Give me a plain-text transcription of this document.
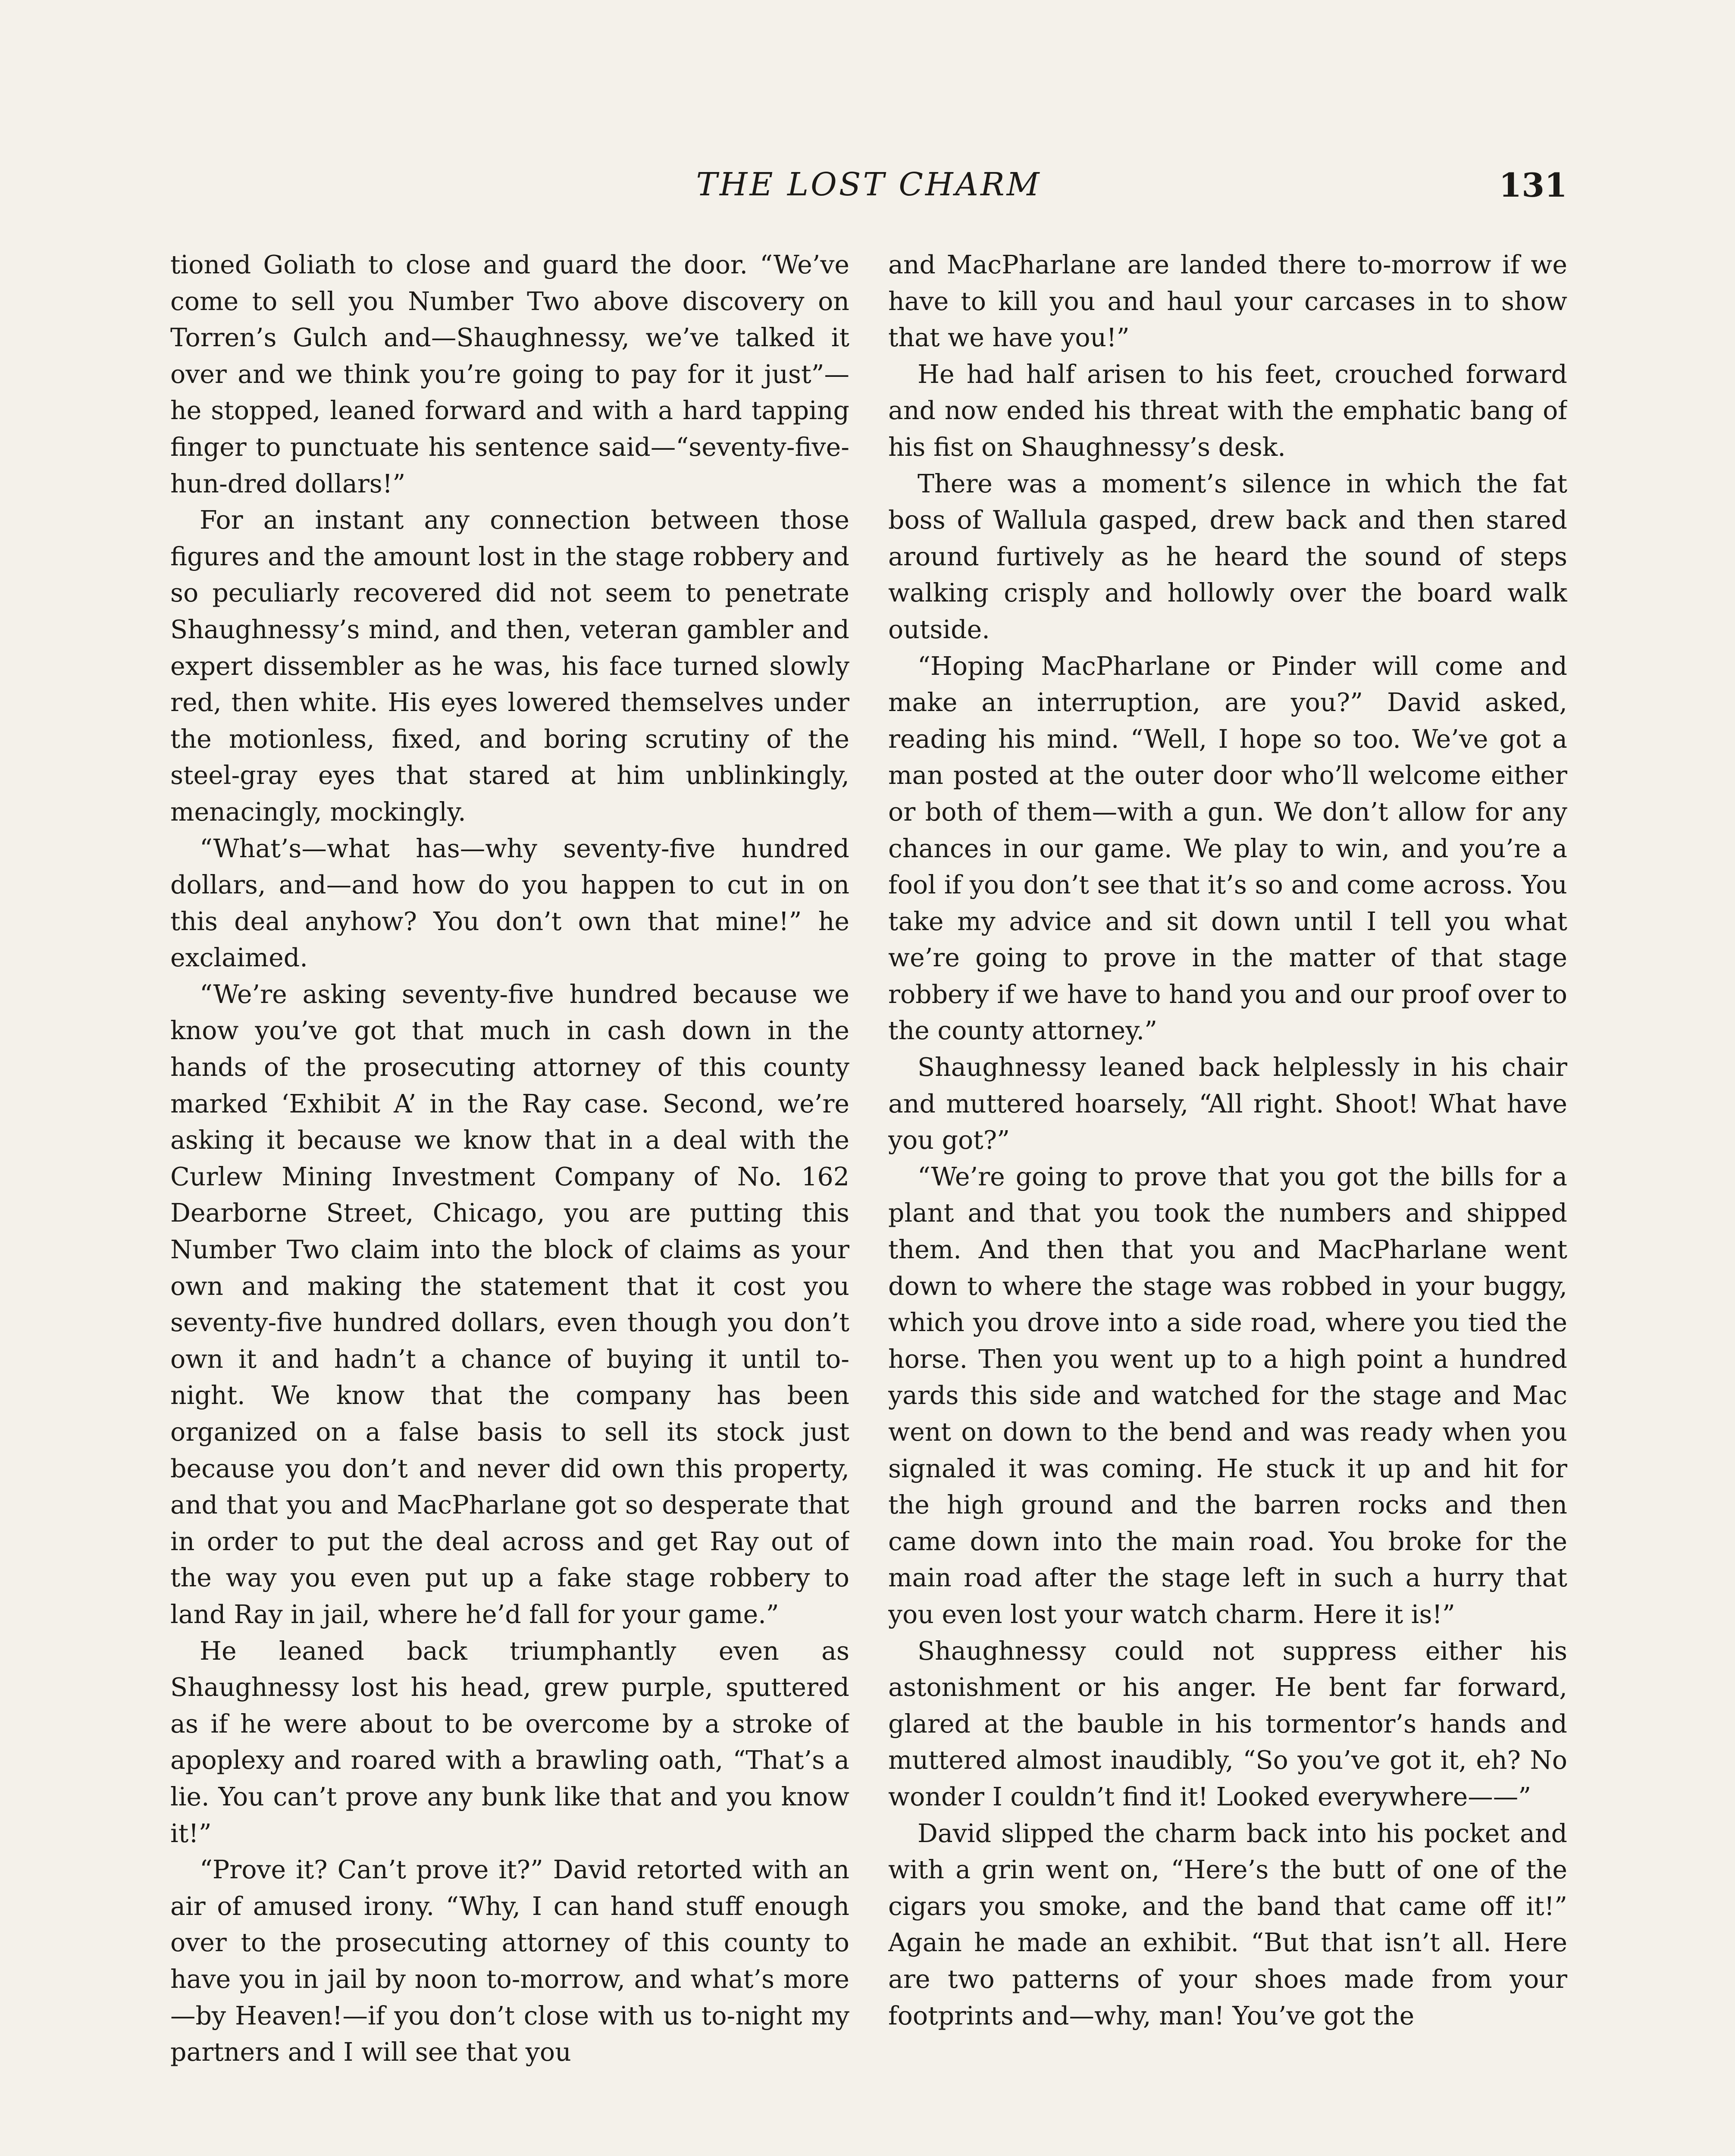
THE LOST CHARM	131

tioned Goliath to close and guard the door. “We’ve come to sell you Number Two above discovery on Torren’s Gulch and—Shaughnessy, we’ve talked it over and we think you’re going to pay for it just”—he stopped, leaned forward and with a hard tapping finger to punctuate his sentence said—“seventy-five-hun-dred dollars!”

For an instant any connection between those figures and the amount lost in the stage robbery and so peculiarly recovered did not seem to penetrate Shaughnessy’s mind, and then, veteran gambler and expert dissembler as he was, his face turned slowly red, then white. His eyes lowered themselves under the motionless, fixed, and boring scrutiny of the steel-gray eyes that stared at him unblinkingly, menacingly, mockingly.

“What’s—what has—why seventy-five hundred dollars, and—and how do you happen to cut in on this deal anyhow? You don’t own that mine!” he exclaimed.

“We’re asking seventy-five hundred because we know you’ve got that much in cash down in the hands of the prosecuting attorney of this county marked ‘Exhibit A’ in the Ray case. Second, we’re asking it because we know that in a deal with the Curlew Mining Investment Company of No. 162 Dearborne Street, Chicago, you are putting this Number Two claim into the block of claims as your own and making the statement that it cost you seventy-five hundred dollars, even though you don’t own it and hadn’t a chance of buying it until to-night. We know that the company has been organized on a false basis to sell its stock just because you don’t and never did own this property, and that you and MacPharlane got so desperate that in order to put the deal across and get Ray out of the way you even put up a fake stage robbery to land Ray in jail, where he’d fall for your game.”

He leaned back triumphantly even as Shaughnessy lost his head, grew purple, sputtered as if he were about to be overcome by a stroke of apoplexy and roared with a brawling oath, “That’s a lie. You can’t prove any bunk like that and you know it!”

“Prove it? Can’t prove it?” David retorted with an air of amused irony. “Why, I can hand stuff enough over to the prosecuting attorney of this county to have you in jail by noon to-morrow, and what’s more —by Heaven!—if you don’t close with us to-night my partners and I will see that you

and MacPharlane are landed there to-morrow if we have to kill you and haul your carcases in to show that we have you!”

He had half arisen to his feet, crouched forward and now ended his threat with the emphatic bang of his fist on Shaughnessy’s desk.

There was a moment’s silence in which the fat boss of Wallula gasped, drew back and then stared around furtively as he heard the sound of steps walking crisply and hollowly over the board walk outside.

“Hoping MacPharlane or Pinder will come and make an interruption, are you?” David asked, reading his mind. “Well, I hope so too. We’ve got a man posted at the outer door who’ll welcome either or both of them—with a gun. We don’t allow for any chances in our game. We play to win, and you’re a fool if you don’t see that it’s so and come across. You take my advice and sit down until I tell you what we’re going to prove in the matter of that stage robbery if we have to hand you and our proof over to the county attorney.”

Shaughnessy leaned back helplessly in his chair and muttered hoarsely, “All right. Shoot! What have you got?”

“We’re going to prove that you got the bills for a plant and that you took the numbers and shipped them. And then that you and MacPharlane went down to where the stage was robbed in your buggy, which you drove into a side road, where you tied the horse. Then you went up to a high point a hundred yards this side and watched for the stage and Mac went on down to the bend and was ready when you signaled it was coming. He stuck it up and hit for the high ground and the barren rocks and then came down into the main road. You broke for the main road after the stage left in such a hurry that you even lost your watch charm. Here it is!”

Shaughnessy could not suppress either his astonishment or his anger. He bent far forward, glared at the bauble in his tormentor’s hands and muttered almost inaudibly, “So you’ve got it, eh? No wonder I couldn’t find it! Looked everywhere——”

David slipped the charm back into his pocket and with a grin went on, “Here’s the butt of one of the cigars you smoke, and the band that came off it!” Again he made an exhibit. “But that isn’t all. Here are two patterns of your shoes made from your footprints and—why, man! You’ve got the
